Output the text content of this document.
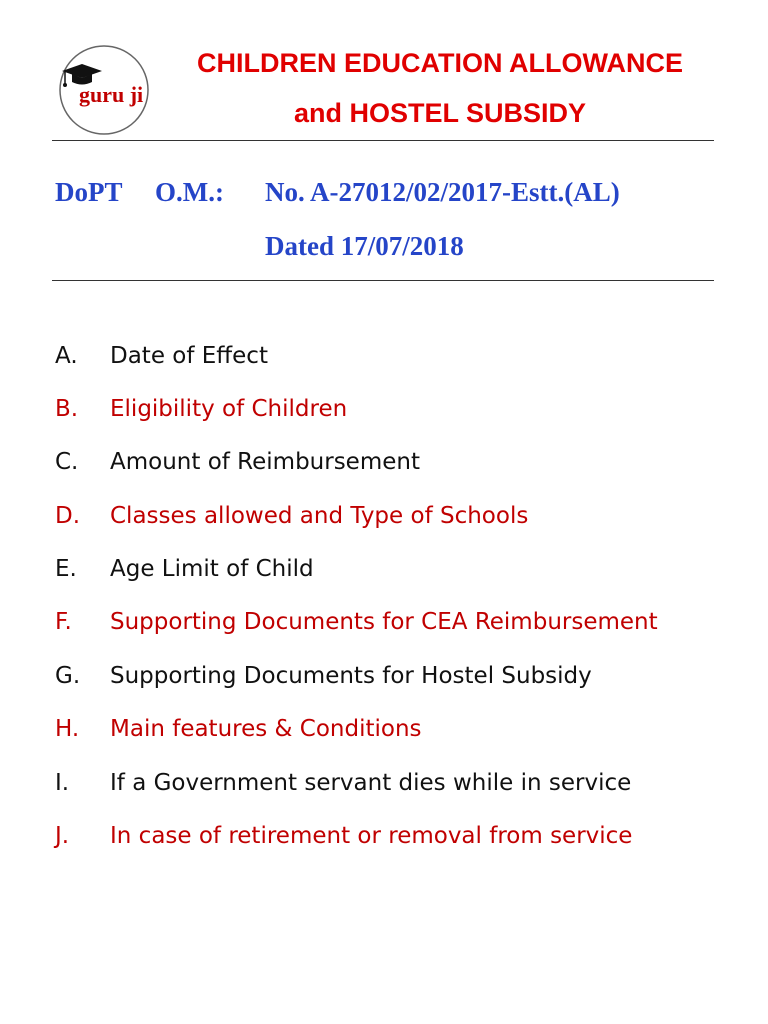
guru ji
CHILDREN EDUCATION ALLOWANCE
and HOSTEL SUBSIDY
DoPT O.M.: No. A-27012/02/2017-Estt.(AL)
Dated 17/07/2018
A. Date of Effect
B. Eligibility of Children
C. Amount of Reimbursement
D. Classes allowed and Type of Schools
E. Age Limit of Child
F. Supporting Documents for CEA Reimbursement
G. Supporting Documents for Hostel Subsidy
H. Main features & Conditions
I. If a Government servant dies while in service
J. In case of retirement or removal from service
